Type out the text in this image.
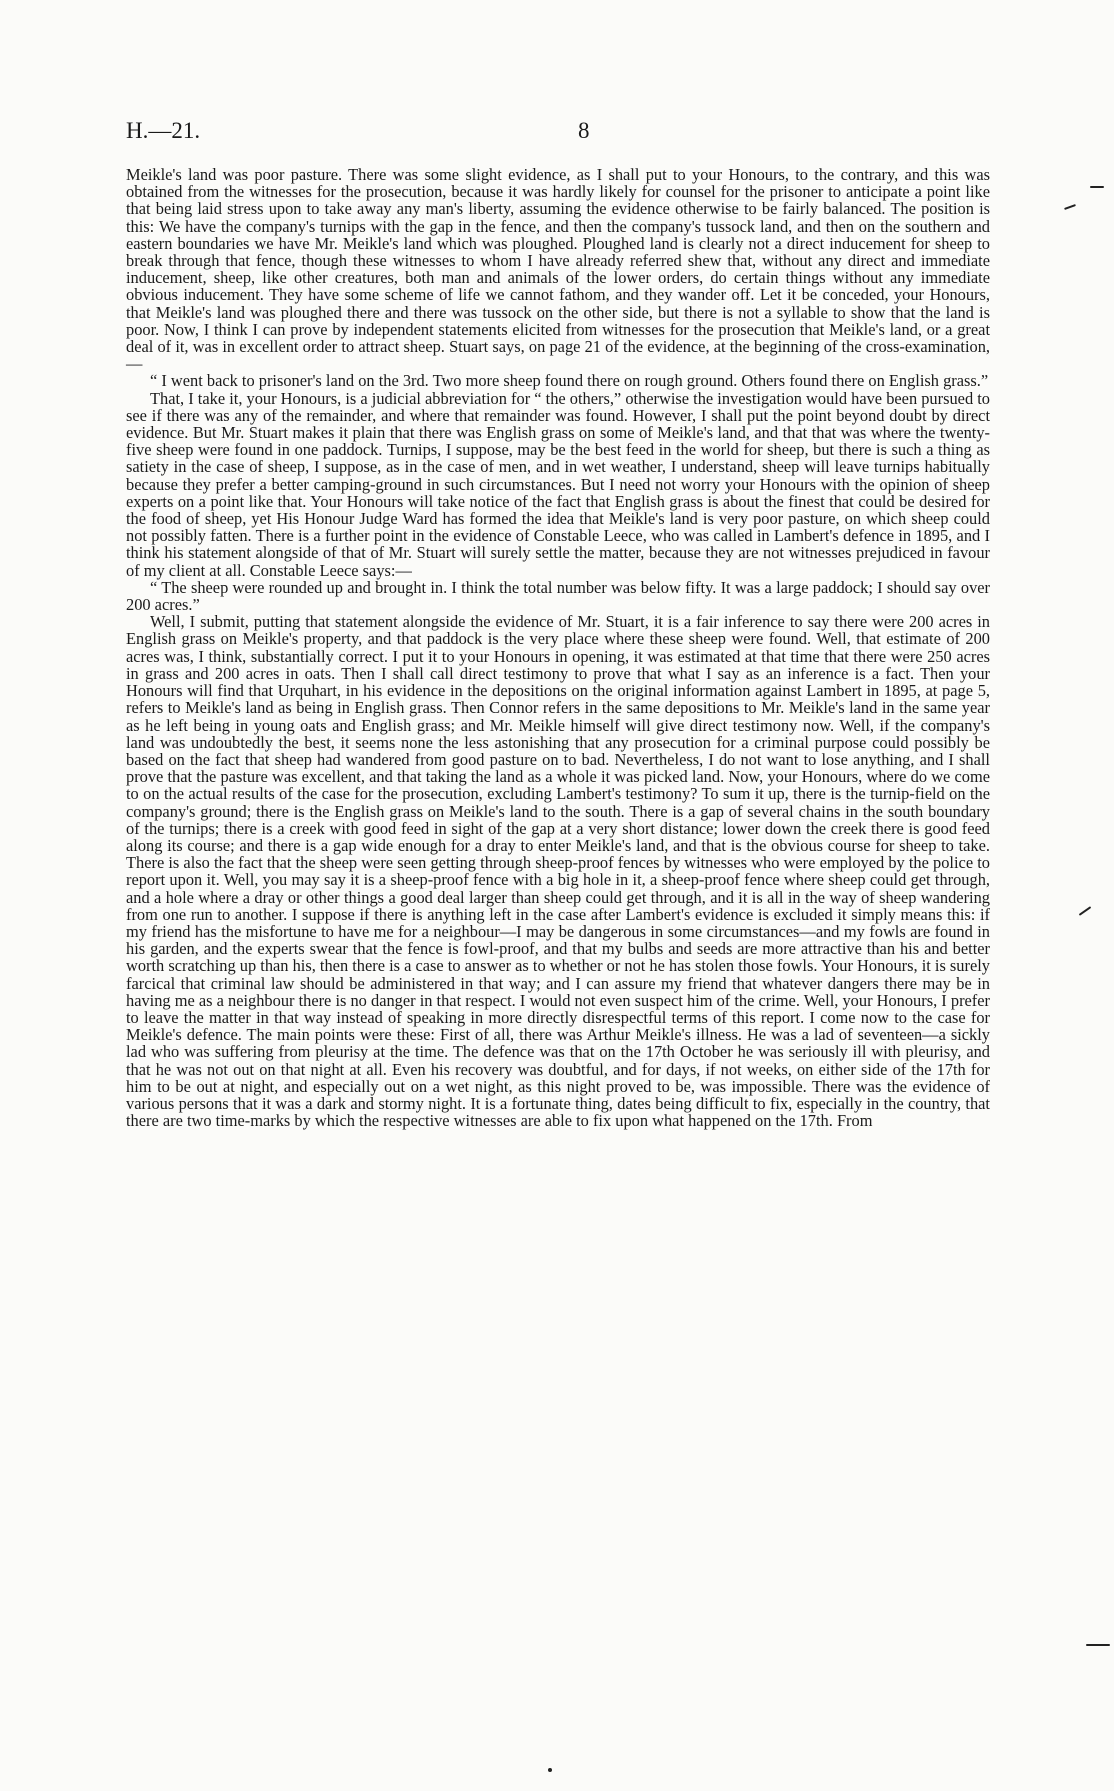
H.—21.	8

Meikle's land was poor pasture. There was some slight evidence, as I shall put to your Honours, to the contrary, and this was obtained from the witnesses for the prosecution, because it was hardly likely for counsel for the prisoner to anticipate a point like that being laid stress upon to take away any man's liberty, assuming the evidence otherwise to be fairly balanced. The position is this: We have the company's turnips with the gap in the fence, and then the company's tussock land, and then on the southern and eastern boundaries we have Mr. Meikle's land which was ploughed. Ploughed land is clearly not a direct inducement for sheep to break through that fence, though these witnesses to whom I have already referred shew that, without any direct and immediate inducement, sheep, like other creatures, both man and animals of the lower orders, do certain things without any immediate obvious inducement. They have some scheme of life we cannot fathom, and they wander off. Let it be conceded, your Honours, that Meikle's land was ploughed there and there was tussock on the other side, but there is not a syllable to show that the land is poor. Now, I think I can prove by independent statements elicited from witnesses for the prosecution that Meikle's land, or a great deal of it, was in excellent order to attract sheep. Stuart says, on page 21 of the evidence, at the beginning of the cross-examination,—

“ I went back to prisoner's land on the 3rd. Two more sheep found there on rough ground. Others found there on English grass.”

That, I take it, your Honours, is a judicial abbreviation for “ the others,” otherwise the investigation would have been pursued to see if there was any of the remainder, and where that remainder was found. However, I shall put the point beyond doubt by direct evidence. But Mr. Stuart makes it plain that there was English grass on some of Meikle's land, and that that was where the twenty-five sheep were found in one paddock. Turnips, I suppose, may be the best feed in the world for sheep, but there is such a thing as satiety in the case of sheep, I suppose, as in the case of men, and in wet weather, I understand, sheep will leave turnips habitually because they prefer a better camping-ground in such circumstances. But I need not worry your Honours with the opinion of sheep experts on a point like that. Your Honours will take notice of the fact that English grass is about the finest that could be desired for the food of sheep, yet His Honour Judge Ward has formed the idea that Meikle's land is very poor pasture, on which sheep could not possibly fatten. There is a further point in the evidence of Constable Leece, who was called in Lambert's defence in 1895, and I think his statement alongside of that of Mr. Stuart will surely settle the matter, because they are not witnesses prejudiced in favour of my client at all. Constable Leece says:—

“ The sheep were rounded up and brought in. I think the total number was below fifty. It was a large paddock; I should say over 200 acres.”

Well, I submit, putting that statement alongside the evidence of Mr. Stuart, it is a fair inference to say there were 200 acres in English grass on Meikle's property, and that paddock is the very place where these sheep were found. Well, that estimate of 200 acres was, I think, substantially correct. I put it to your Honours in opening, it was estimated at that time that there were 250 acres in grass and 200 acres in oats. Then I shall call direct testimony to prove that what I say as an inference is a fact. Then your Honours will find that Urquhart, in his evidence in the depositions on the original information against Lambert in 1895, at page 5, refers to Meikle's land as being in English grass. Then Connor refers in the same depositions to Mr. Meikle's land in the same year as he left being in young oats and English grass; and Mr. Meikle himself will give direct testimony now. Well, if the company's land was undoubtedly the best, it seems none the less astonishing that any prosecution for a criminal purpose could possibly be based on the fact that sheep had wandered from good pasture on to bad. Nevertheless, I do not want to lose anything, and I shall prove that the pasture was excellent, and that taking the land as a whole it was picked land. Now, your Honours, where do we come to on the actual results of the case for the prosecution, excluding Lambert's testimony? To sum it up, there is the turnip-field on the company's ground; there is the English grass on Meikle's land to the south. There is a gap of several chains in the south boundary of the turnips; there is a creek with good feed in sight of the gap at a very short distance; lower down the creek there is good feed along its course; and there is a gap wide enough for a dray to enter Meikle's land, and that is the obvious course for sheep to take. There is also the fact that the sheep were seen getting through sheep-proof fences by witnesses who were employed by the police to report upon it. Well, you may say it is a sheep-proof fence with a big hole in it, a sheep-proof fence where sheep could get through, and a hole where a dray or other things a good deal larger than sheep could get through, and it is all in the way of sheep wandering from one run to another. I suppose if there is anything left in the case after Lambert's evidence is excluded it simply means this: if my friend has the misfortune to have me for a neighbour—I may be dangerous in some circumstances—and my fowls are found in his garden, and the experts swear that the fence is fowl-proof, and that my bulbs and seeds are more attractive than his and better worth scratching up than his, then there is a case to answer as to whether or not he has stolen those fowls. Your Honours, it is surely farcical that criminal law should be administered in that way; and I can assure my friend that whatever dangers there may be in having me as a neighbour there is no danger in that respect. I would not even suspect him of the crime. Well, your Honours, I prefer to leave the matter in that way instead of speaking in more directly disrespectful terms of this report. I come now to the case for Meikle's defence. The main points were these: First of all, there was Arthur Meikle's illness. He was a lad of seventeen—a sickly lad who was suffering from pleurisy at the time. The defence was that on the 17th October he was seriously ill with pleurisy, and that he was not out on that night at all. Even his recovery was doubtful, and for days, if not weeks, on either side of the 17th for him to be out at night, and especially out on a wet night, as this night proved to be, was impossible. There was the evidence of various persons that it was a dark and stormy night. It is a fortunate thing, dates being difficult to fix, especially in the country, that there are two time-marks by which the respective witnesses are able to fix upon what happened on the 17th. From
